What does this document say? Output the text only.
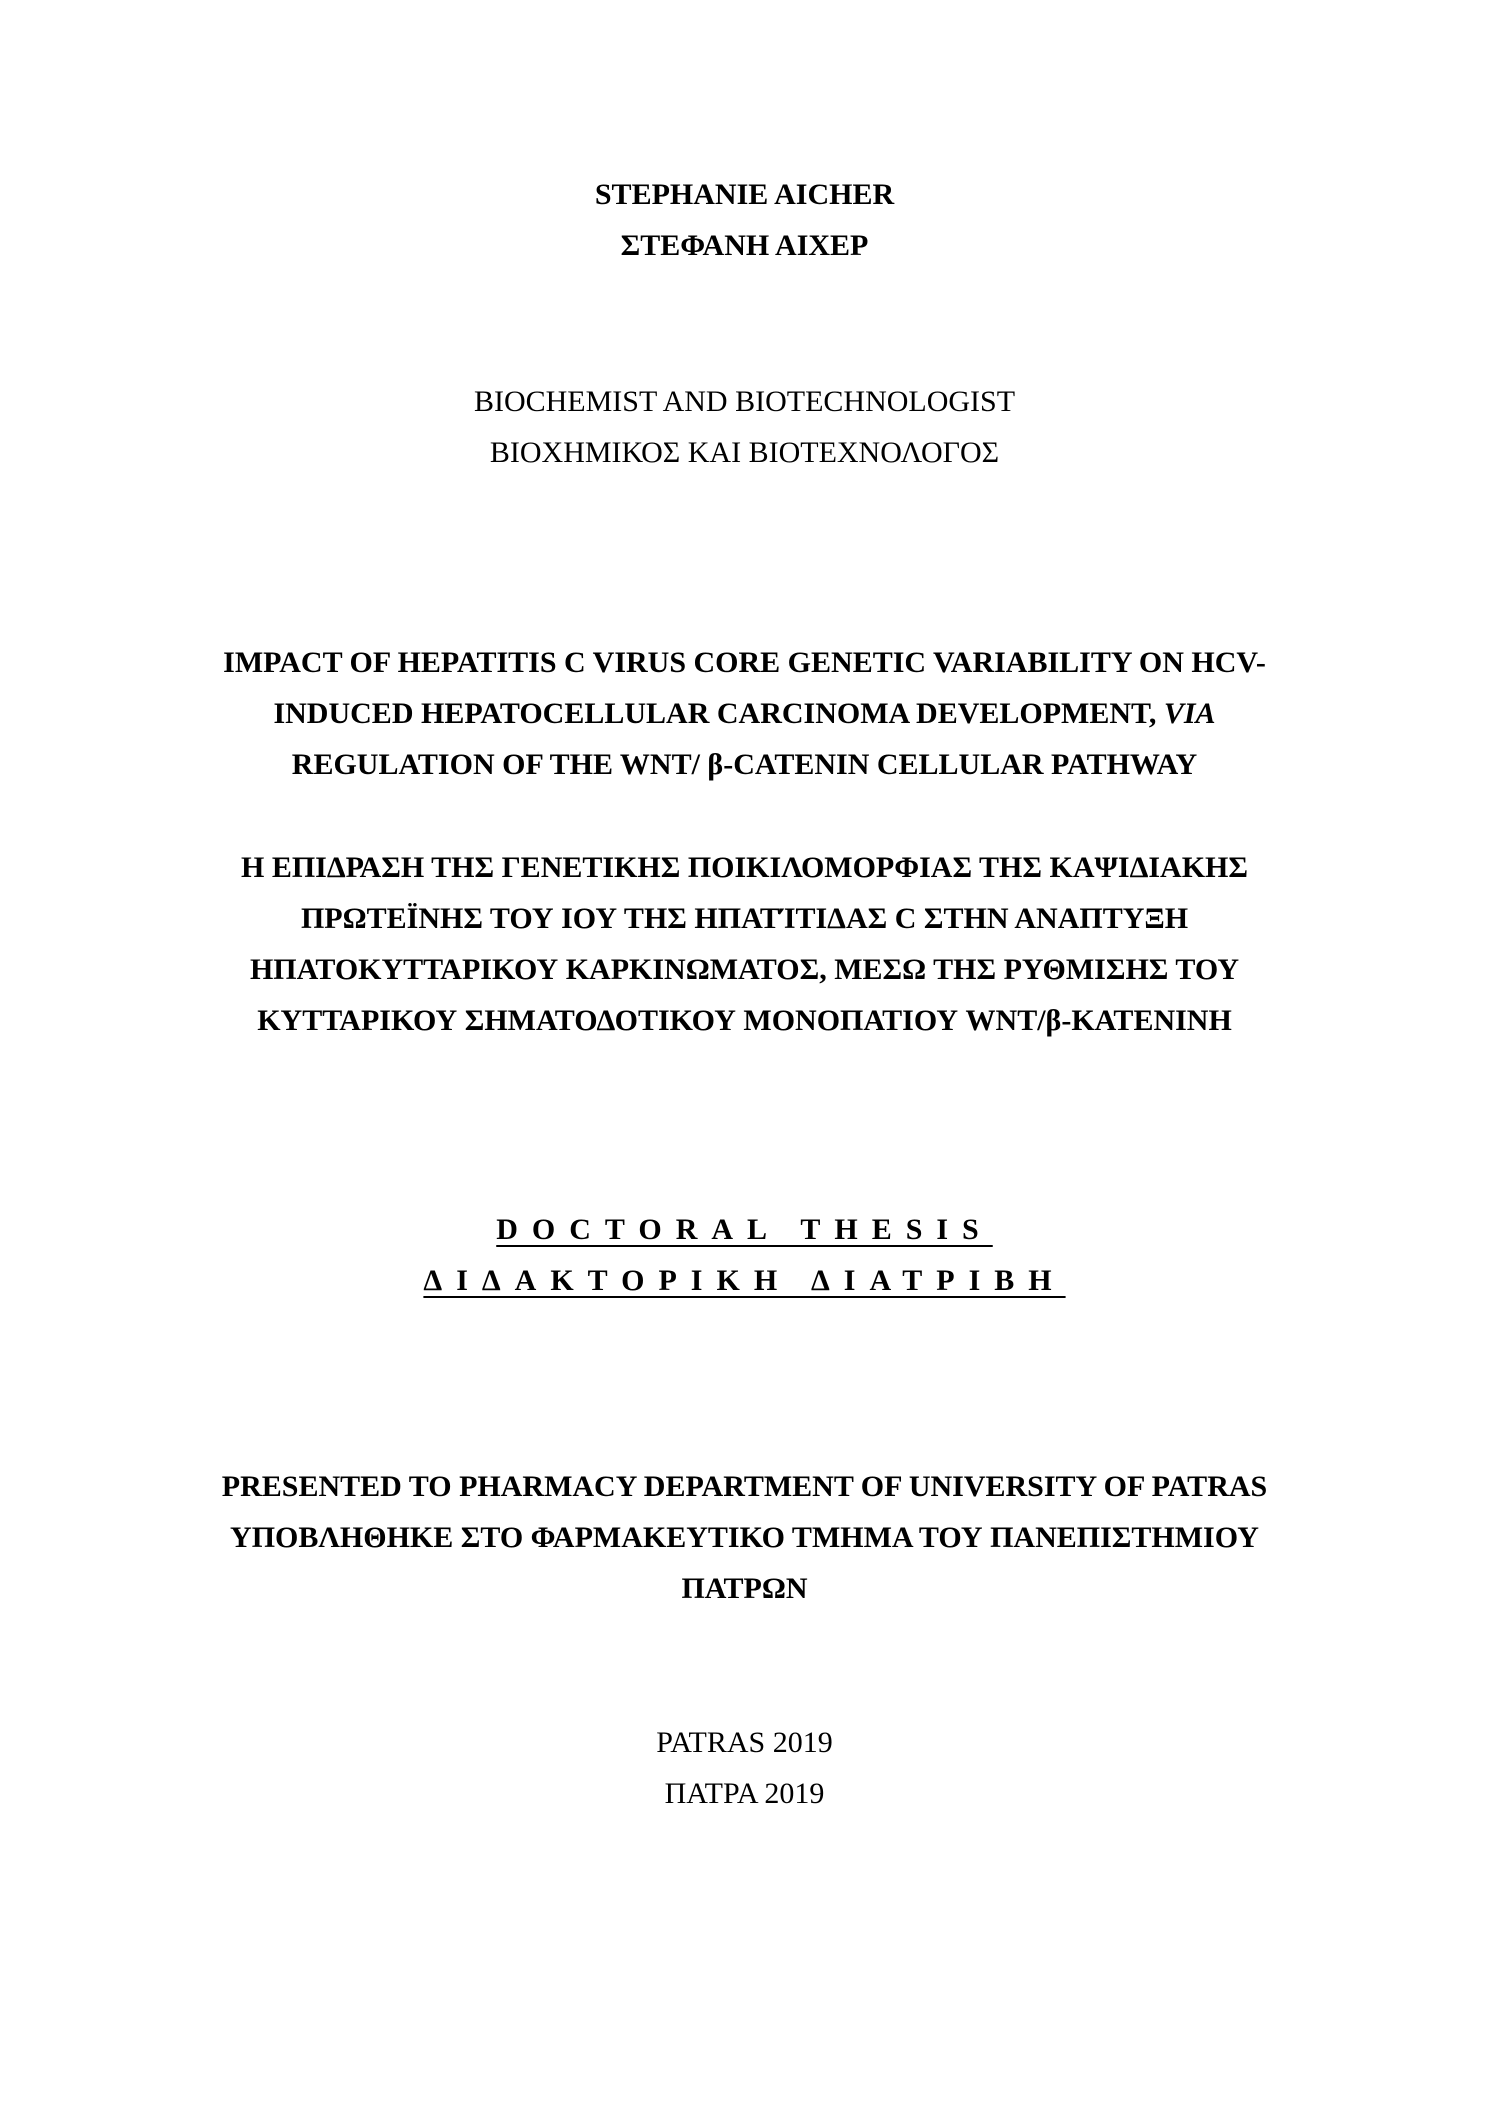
STEPHANIE AICHER
ΣΤΕΦΑΝΗ ΑΙΧΕΡ
BIOCHEMIST AND BIOTECHNOLOGIST
ΒΙΟΧΗΜΙΚΟΣ ΚΑΙ ΒΙΟΤΕΧΝΟΛΟΓΟΣ
IMPACT OF HEPATITIS C VIRUS CORE GENETIC VARIABILITY ON HCV-
INDUCED HEPATOCELLULAR CARCINOMA DEVELOPMENT, VIA
REGULATION OF THE WNT/ β-CATENIN CELLULAR PATHWAY
Η ΕΠΙΔΡΑΣΗ ΤΗΣ ΓΕΝΕΤΙΚΗΣ ΠΟΙΚΙΛΟΜΟΡΦΙΑΣ ΤΗΣ ΚΑΨΙΔΙΑΚΗΣ
ΠΡΩΤΕΪΝΗΣ ΤΟΥ ΙΟΥ ΤΗΣ ΗΠΑΤΊΤΙΔΑΣ C ΣΤΗΝ ΑΝΑΠΤΥΞΗ
ΗΠΑΤΟΚΥΤΤΑΡΙΚΟΥ ΚΑΡΚΙΝΩΜΑΤΟΣ, ΜΕΣΩ ΤΗΣ ΡΥΘΜΙΣΗΣ ΤΟΥ
ΚΥΤΤΑΡΙΚΟΥ ΣΗΜΑΤΟΔΟΤΙΚΟΥ ΜΟΝΟΠΑΤΙΟΥ WNT/β-ΚΑΤΕΝΙΝΗ
DOCTORAL THESIS
ΔΙΔΑΚΤΟΡΙΚΗ ΔΙΑΤΡΙΒΗ
PRESENTED TO PHARMACY DEPARTMENT OF UNIVERSITY OF PATRAS
ΥΠΟΒΛΗΘΗΚΕ ΣΤΟ ΦΑΡΜΑΚΕΥΤΙΚΟ ΤΜΗΜΑ ΤΟΥ ΠΑΝΕΠΙΣΤΗΜΙΟΥ
ΠΑΤΡΩΝ
PATRAS 2019
ΠΑΤΡΑ 2019
